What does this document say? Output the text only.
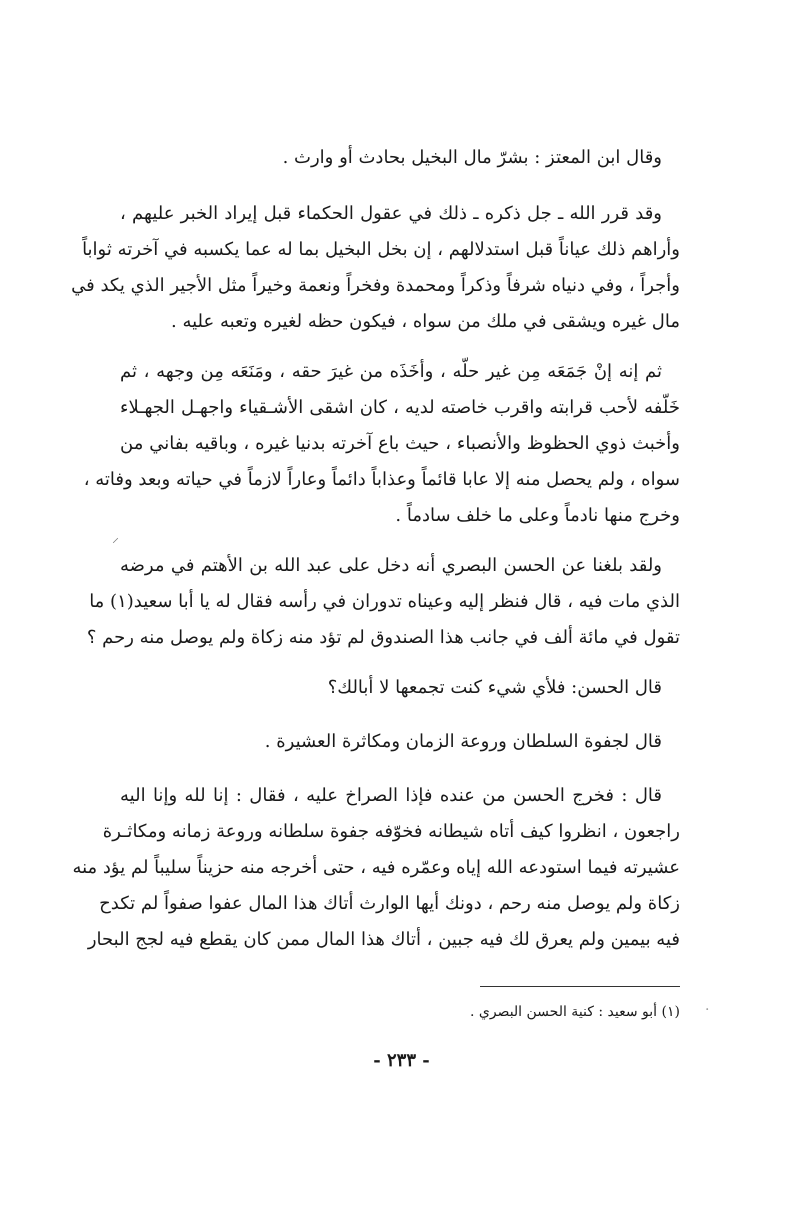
وقال ابن المعتز : بشرّ مال البخيل بحادث أو وارث .

وقد قرر الله ـ جل ذكره ـ ذلك في عقول الحكماء قبل إيراد الخبر عليهم ،
وأراهم ذلك عياناً قبل استدلالهم ، إن بخل البخيل بما له عما يكسبه في آخرته ثواباً
وأجراً ، وفي دنياه شرفاً وذكراً ومحمدة وفخراً ونعمة وخيراً مثل الأجير الذي يكد في
مال غيره ويشقى في ملك من سواه ، فيكون حظه لغيره وتعبه عليه .

ثم إنه إنْ جَمَعَه مِن غير حلّه ، وأخَذَه من غيرَ حقه ، ومَنَعَه مِن وجهه ، ثم
خَلّفه لأحب قرابته واقرب خاصته لديه ، كان اشقى الأشـقياء واجهـل الجهـلاء
وأخبث ذوي الحظوظ والأنصباء ، حيث باع آخرته بدنيا غيره ، وباقيه بفاني من
سواه ، ولم يحصل منه إلا عابا قائماً وعذاباً دائماً وعاراً لازماً في حياته وبعد وفاته ،
وخرج منها نادماً وعلى ما خلف سادماً .

ولقد بلغنا عن الحسن البصري أنه دخل على عبد الله بن الأهتم في مرضه
الذي مات فيه ، قال فنظر إليه وعيناه تدوران في رأسه فقال له يا أبا سعيد(١) ما
تقول في مائة ألف في جانب هذا الصندوق لم تؤد منه زكاة ولم يوصل منه رحم ؟

قال الحسن: فلأي شيء كنت تجمعها لا أبالك؟

قال لجفوة السلطان وروعة الزمان ومكاثرة العشيرة .

قال : فخرج الحسن من عنده فإذا الصراخ عليه ، فقال : إنا لله وإنا اليه
راجعون ، انظروا كيف أتاه شيطانه فخوّفه جفوة سلطانه وروعة زمانه ومكاثـرة
عشيرته فيما استودعه الله إياه وعمّره فيه ، حتى أخرجه منه حزيناً سليباً لم يؤد منه
زكاة ولم يوصل منه رحم ، دونك أيها الوارث أتاك هذا المال عفوا صفواً لم تكدح
فيه بيمين ولم يعرق لك فيه جبين ، أتاك هذا المال ممن كان يقطع فيه لجج البحار

⸝
·
(١) أبو سعيد : كنية الحسن البصري .
- ٢٣٣ -
